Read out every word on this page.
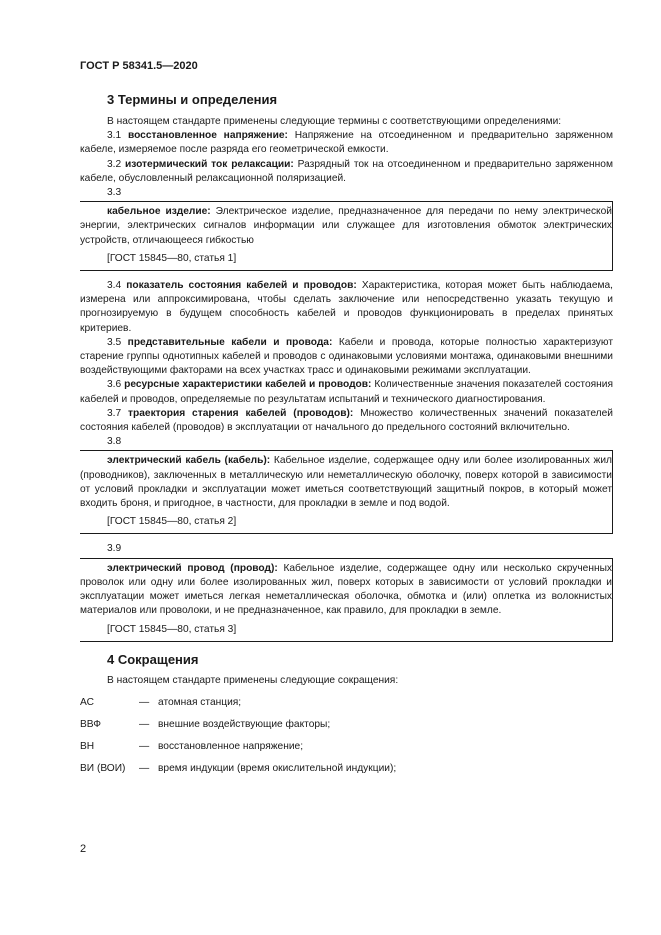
ГОСТ Р 58341.5—2020
3 Термины и определения

В настоящем стандарте применены следующие термины с соответствующими определениями:

3.1 восстановленное напряжение: Напряжение на отсоединенном и предварительно заряженном кабеле, измеряемое после разряда его геометрической емкости.

3.2 изотермический ток релаксации: Разрядный ток на отсоединенном и предварительно заряженном кабеле, обусловленный релаксационной поляризацией.

3.3

кабельное изделие: Электрическое изделие, предназначенное для передачи по нему электрической энергии, электрических сигналов информации или служащее для изготовления обмоток электрических устройств, отличающееся гибкостью

[ГОСТ 15845—80, статья 1]

3.4 показатель состояния кабелей и проводов: Характеристика, которая может быть наблюдаема, измерена или аппроксимирована, чтобы сделать заключение или непосредственно указать текущую и прогнозируемую в будущем способность кабелей и проводов функционировать в пределах принятых критериев.

3.5 представительные кабели и провода: Кабели и провода, которые полностью характеризуют старение группы однотипных кабелей и проводов с одинаковыми условиями монтажа, одинаковыми внешними воздействующими факторами на всех участках трасс и одинаковыми режимами эксплуатации.

3.6 ресурсные характеристики кабелей и проводов: Количественные значения показателей состояния кабелей и проводов, определяемые по результатам испытаний и технического диагностирования.

3.7 траектория старения кабелей (проводов): Множество количественных значений показателей состояния кабелей (проводов) в эксплуатации от начального до предельного состояний включительно.

3.8

электрический кабель (кабель): Кабельное изделие, содержащее одну или более изолированных жил (проводников), заключенных в металлическую или неметаллическую оболочку, поверх которой в зависимости от условий прокладки и эксплуатации может иметься соответствующий защитный покров, в который может входить броня, и пригодное, в частности, для прокладки в земле и под водой.

[ГОСТ 15845—80, статья 2]

3.9

электрический провод (провод): Кабельное изделие, содержащее одну или несколько скрученных проволок или одну или более изолированных жил, поверх которых в зависимости от условий прокладки и эксплуатации может иметься легкая неметаллическая оболочка, обмотка и (или) оплетка из волокнистых материалов или проволоки, и не предназначенное, как правило, для прокладки в земле.

[ГОСТ 15845—80, статья 3]

4 Сокращения

В настоящем стандарте применены следующие сокращения:

АС	— атомная станция;
ВВФ	— внешние воздействующие факторы;
ВН	— восстановленное напряжение;
ВИ (ВОИ)	— время индукции (время окислительной индукции);
2
